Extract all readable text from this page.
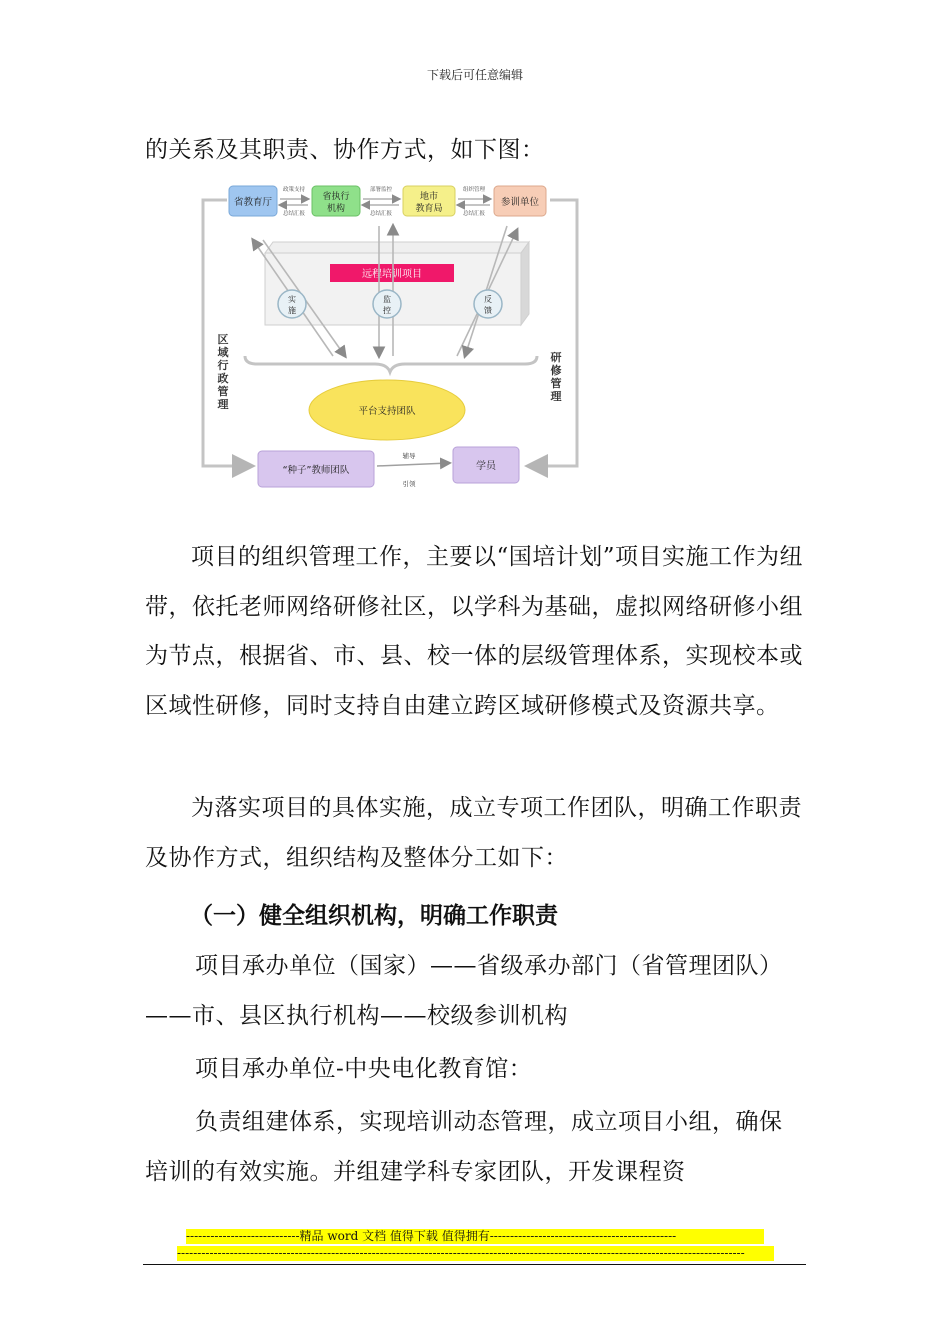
下载后可任意编辑

的关系及其职责、协作方式，如下图：

省教育厅	省执行
机构
地市
教育局
参训单位
政策支持
总结汇报
部署监控
总结汇报
组织管理
总结汇报
远程培训项目
实
施
监
控
反
馈
平台支持团队
区
域
行
政
管
理
研
修
管
理
“种子”教师团队	学员
辅导
引领

项目的组织管理工作，主要以“国培计划”项目实施工作为纽带，依托老师网络研修社区，以学科为基础，虚拟网络研修小组为节点，根据省、市、县、校一体的层级管理体系，实现校本或区域性研修，同时支持自由建立跨区域研修模式及资源共享。

为落实项目的具体实施，成立专项工作团队，明确工作职责及协作方式，组织结构及整体分工如下：

（一）健全组织机构，明确工作职责

项目承办单位（国家）——省级承办部门（省管理团队）——市、县区执行机构——校级参训机构

项目承办单位-中央电化教育馆：

负责组建体系，实现培训动态管理，成立项目小组，确保培训的有效实施。并组建学科专家团队，开发课程资

----------------------------精品 word 文档 值得下载 值得拥有----------------------------------------------
--------------------------------------------------------------------------------------------------------------------------------------------
